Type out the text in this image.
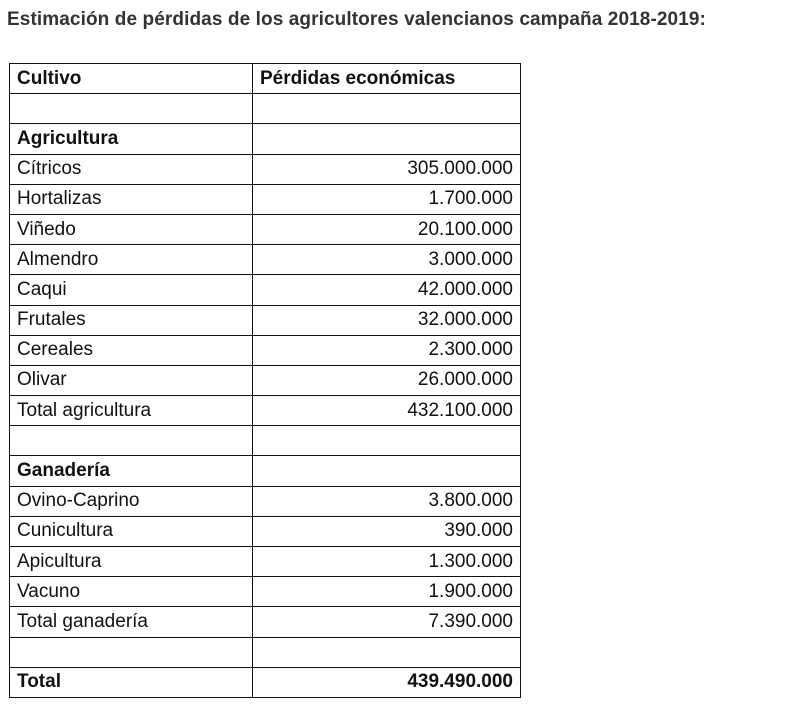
Estimación de pérdidas de los agricultores valencianos campaña 2018-2019:
Cultivo	Pérdidas económicas

Agricultura	
Cítricos	305.000.000
Hortalizas	1.700.000
Viñedo	20.100.000
Almendro	3.000.000
Caqui	42.000.000
Frutales	32.000.000
Cereales	2.300.000
Olivar	26.000.000
Total agricultura	432.100.000

Ganadería	
Ovino-Caprino	3.800.000
Cunicultura	390.000
Apicultura	1.300.000
Vacuno	1.900.000
Total ganadería	7.390.000

Total	439.490.000
